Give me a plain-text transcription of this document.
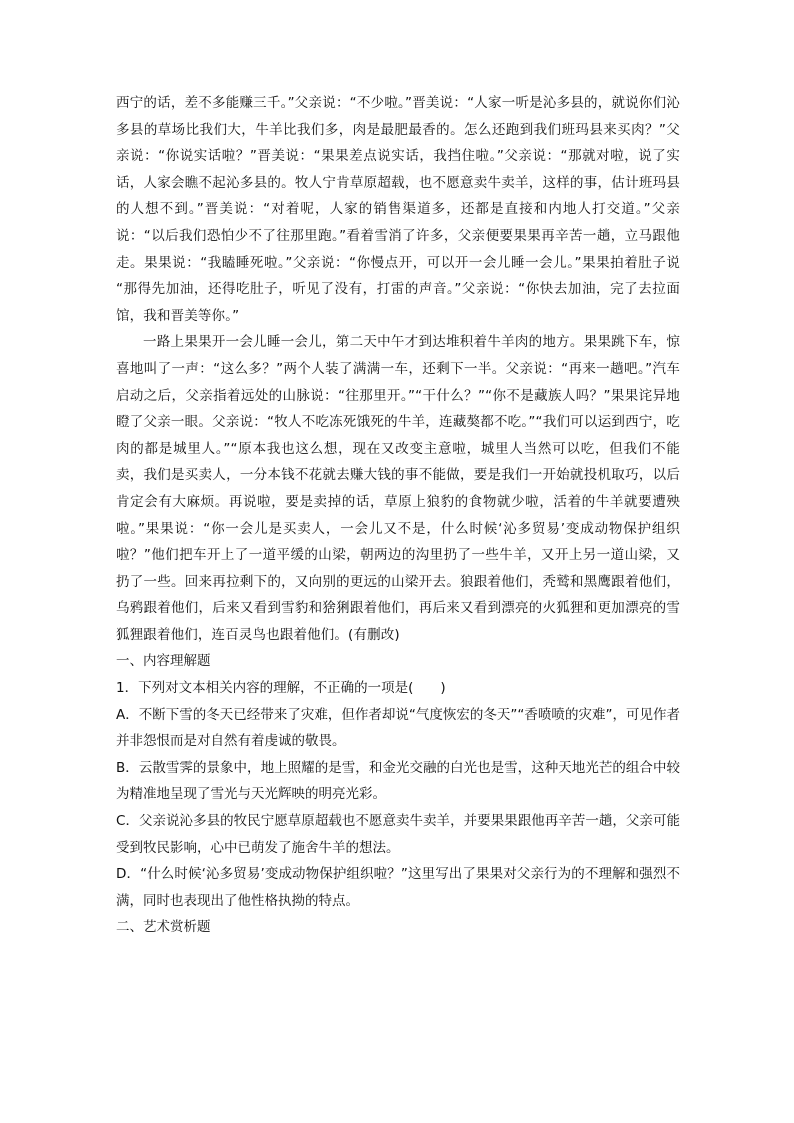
西宁的话，差不多能赚三千。”父亲说：“不少啦。”晋美说：“人家一听是沁多县的，就说你们沁多县的草场比我们大，牛羊比我们多，肉是最肥最香的。怎么还跑到我们班玛县来买肉？”父亲说：“你说实话啦？”晋美说：“果果差点说实话，我挡住啦。”父亲说：“那就对啦，说了实话，人家会瞧不起沁多县的。牧人宁肯草原超载，也不愿意卖牛卖羊，这样的事，估计班玛县的人想不到。”晋美说：“对着呢，人家的销售渠道多，还都是直接和内地人打交道。”父亲说：“以后我们恐怕少不了往那里跑。”看着雪消了许多，父亲便要果果再辛苦一趟，立马跟他走。果果说：“我瞌睡死啦。”父亲说：“你慢点开，可以开一会儿睡一会儿。”果果拍着肚子说 “那得先加油，还得吃肚子，听见了没有，打雷的声音。”父亲说：“你快去加油，完了去拉面馆，我和晋美等你。”

一路上果果开一会儿睡一会儿，第二天中午才到达堆积着牛羊肉的地方。果果跳下车，惊喜地叫了一声：“这么多？”两个人装了满满一车，还剩下一半。父亲说：“再来一趟吧。”汽车启动之后，父亲指着远处的山脉说：“往那里开。”“干什么？”“你不是藏族人吗？”果果诧异地瞪了父亲一眼。父亲说：“牧人不吃冻死饿死的牛羊，连藏獒都不吃。”“我们可以运到西宁，吃肉的都是城里人。”“原本我也这么想，现在又改变主意啦，城里人当然可以吃，但我们不能卖，我们是买卖人，一分本钱不花就去赚大钱的事不能做，要是我们一开始就投机取巧，以后肯定会有大麻烦。再说啦，要是卖掉的话，草原上狼豹的食物就少啦，活着的牛羊就要遭殃啦。”果果说：“你一会儿是买卖人，一会儿又不是，什么时候‘沁多贸易’变成动物保护组织啦？”他们把车开上了一道平缓的山梁，朝两边的沟里扔了一些牛羊，又开上另一道山梁，又扔了一些。回来再拉剩下的，又向别的更远的山梁开去。狼跟着他们，秃鹫和黑鹰跟着他们，乌鸦跟着他们，后来又看到雪豹和猞猁跟着他们，再后来又看到漂亮的火狐狸和更加漂亮的雪狐狸跟着他们，连百灵鸟也跟着他们。(有删改)

一、内容理解题

1．下列对文本相关内容的理解，不正确的一项是(　　)

A．不断下雪的冬天已经带来了灾难，但作者却说“气度恢宏的冬天”“香喷喷的灾难”，可见作者并非怨恨而是对自然有着虔诚的敬畏。

B．云散雪霁的景象中，地上照耀的是雪，和金光交融的白光也是雪，这种天地光芒的组合中较为精准地呈现了雪光与天光辉映的明亮光彩。

C．父亲说沁多县的牧民宁愿草原超载也不愿意卖牛卖羊，并要果果跟他再辛苦一趟，父亲可能受到牧民影响，心中已萌发了施舍牛羊的想法。

D．“什么时候‘沁多贸易’变成动物保护组织啦？”这里写出了果果对父亲行为的不理解和强烈不满，同时也表现出了他性格执拗的特点。

二、艺术赏析题
